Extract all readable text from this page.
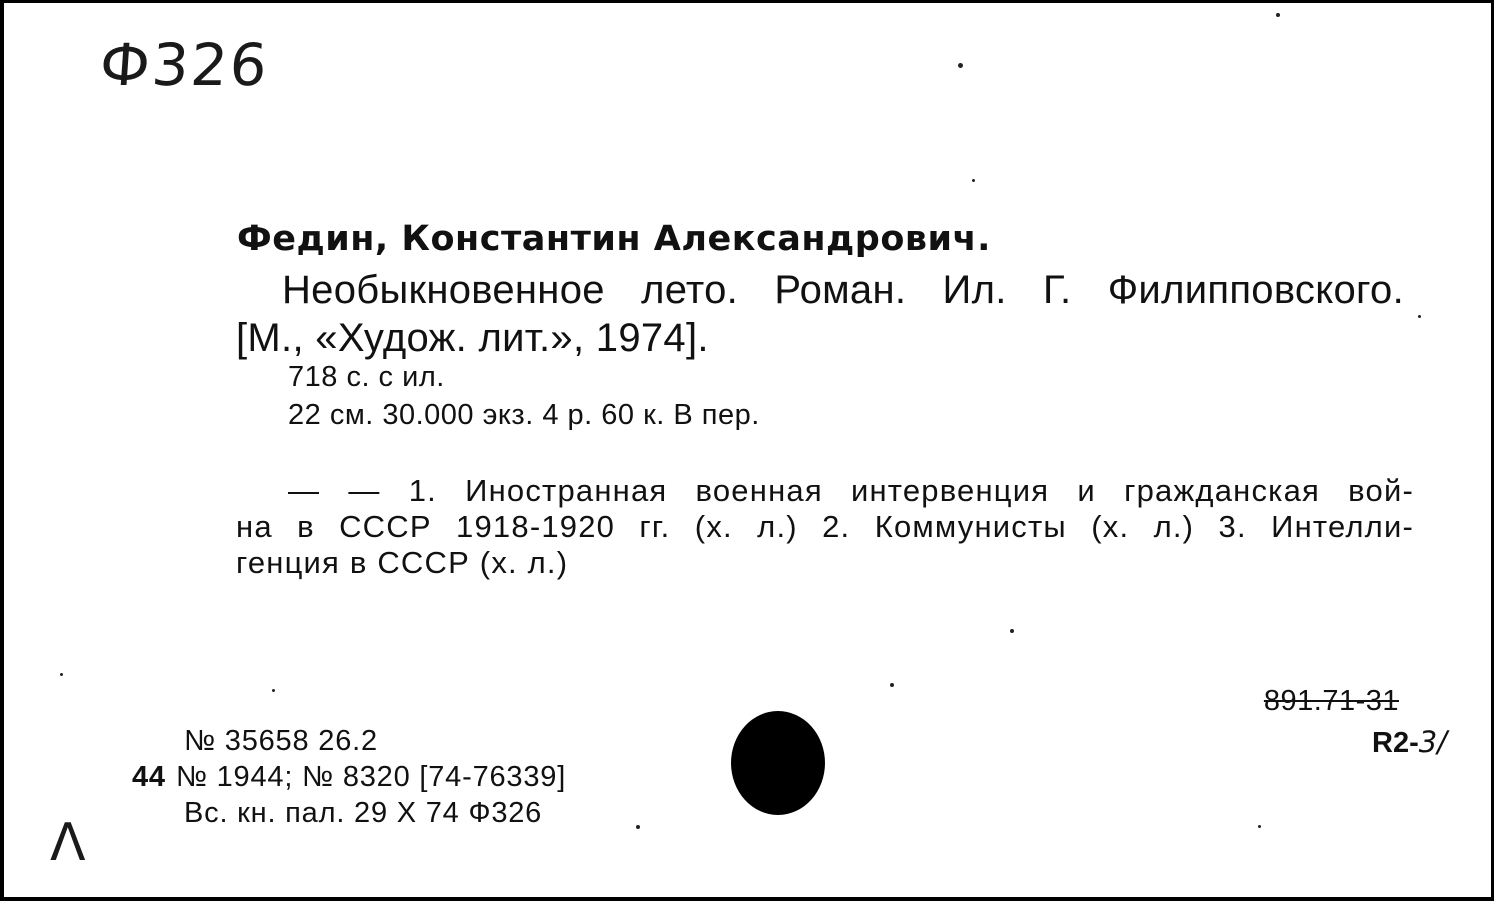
Ф326
Федин, Константин Александрович.
Необыкновенное лето. Роман. Ил. Г. Филипповского.
[М., «Худож. лит.», 1974].
718 с. с ил.
22 см. 30.000 экз. 4 р. 60 к. В пер.
— — 1. Иностранная военная интервенция и гражданская вой-
на в СССР 1918-1920 гг. (х. л.) 2. Коммунисты (х. л.) 3. Интелли-
генция в СССР (х. л.)
№ 35658 26.2
44 № 1944; № 8320 [74-76339]
Вс. кн. пал. 29 X 74 Ф326
891.71-31
R2-3/
Λ
